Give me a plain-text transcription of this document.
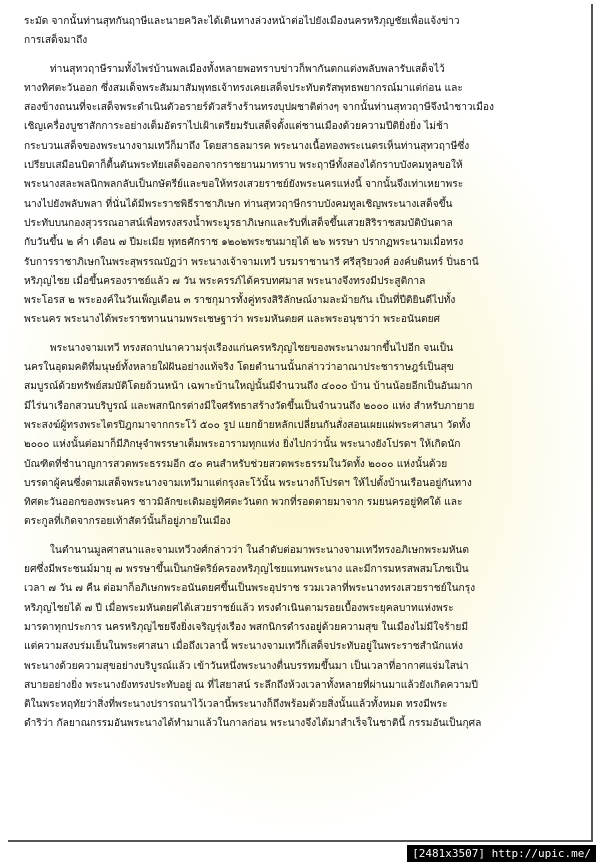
ระมัด จากนั้นท่านสุทกันฤาษีและนายควิละได้เดินทางล่วงหน้าต่อไปยังเมืองนครหริภุญชัยเพื่อแจ้งข่าว

การเสด็จมาถึง

ท่านสุทวฤาษีรามทั้งไพร่บ้านพลเมืองทั้งหลายพอทราบข่าวก็พากันตกแต่งพลับพลารับเสด็จไว้

ทางทิศตะวันออก ซึ่งสมเด็จพระสัมมาสัมพุทธเจ้าทรงเคยเสด็จประทับตรัสพุทธพยากรณ์มาแต่ก่อน และ

สองข้างถนนที่จะเสด็จพระดำเนินตัวอรายร์ตัวสร้างร้านทรงบุปผชาติต่างๆ จากนั้นท่านสุทวฤาษีจึงนำชาวเมือง

เชิญเครื่องบูชาสักการะอย่างเต็มอัตราไปเฝ้าเตรียมรับเสด็จตั้งแต่ชานเมืองด้วยความปีติยิ่งยิ่ง ไม่ช้า

กระบวนเสด็จของพระนางจามเทวีก็มาถึง โดยสาธลมารค พระนางเนื้อทองพระเนตรเห็นท่านสุทวฤาษีซึ่ง

เปรียบเสมือนบิดาก็ตื้นตันพระทัยเสด็จออกจากราชยานมาทราบ พระฤาษีทั้งสองได้กราบบังคมทูลขอให้

พระนางสละพลนิกพลกลับเป็นกษัตรีย์และขอให้ทรงเสวยราชย์ยังพระนครแห่งนี้ จากนั้นจึงเท่าเหยาพระ

นางไปยังพลับพลา ที่นั่นได้มีพระราชพิธีราชาภิเษก ท่านสุทวฤาษีกราบบังคมทูลเชิญพระนางเสด็จขึ้น

ประทับบนกองสุวรรณอาสน์เพื่อทรงสรงน้ำพระมูรธาภิเษกและรับที่เสด็จขึ้นเสวยสิริราชสมบัติบันดาล

กับวันขึ้น ๒ ค่ำ เดือน ๗ ปีมะเมีย พุทธศักราช ๑๒๐๒พระชนมายุได้ ๒๖ พรรษา ปรากฏพระนามเมื่อทรง

รับการราชาภิเษกในพระสุพรรณบัฏว่า พระนางเจ้าจามเทวี บรมราชานารี ศรีสุริยวงศ์ องค์บดินทร์ ปิ่นธานี

หริภุญไชย เมื่อขึ้นครองราชย์แล้ว ๗ วัน พระครรภ์ได้ครบทศมาส พระนางจึงทรงมีประสูติกาล

พระโอรส ๒ พระองค์ในวันเพ็ญเดือน ๓ ราชกุมารทั้งคู่ทรงสิริลักษณ์งามละม้ายกัน เป็นที่ปีติยินดีไปทั้ง

พระนคร พระนางได้พระราชทานนามพระเชษฐาว่า พระมหันตยศ และพระอนุชาว่า พระอนันตยศ

พระนางจามเทวี ทรงสถาปนาความรุ่งเรืองแก่นครหริภุญไชยของพระนางมากขึ้นไปอีก จนเป็น

นครในอุดมคติที่มนุษย์ทั้งหลายใฝ่ฝันอย่างแท้จริง โดยตำนานนั้นกล่าวว่าอาณาประชาราษฎร์เป็นสุข

สมบูรณ์ด้วยทรัพย์สมบัติโดยถ้วนหน้า เฉพาะบ้านใหญ่นั้นมีจำนวนถึง ๔๐๐๐ บ้าน บ้านน้อยอีกเป็นอันมาก

มีไร่นาเรือกสวนบริบูรณ์ และพสกนิกรต่างมีใจศรัทธาสร้างวัดขึ้นเป็นจำนวนถึง ๒๐๐๐ แห่ง สำหรับภายาย

พระสงฆ์ผู้ทรงพระไตรปิฎกมาจากกระโว้ ๕๐๐ รูป แยกย้ายหลักเปลี่ยนกันสั่งสอนเผยแผ่พระศาสนา วัดทั้ง

๒๐๐๐ แห่งนั้นต่อมาก็มีภิกษุจำพรรษาเต็มพระอารามทุกแห่ง ยิ่งไปกว่านั้น พระนางยังโปรดฯ ให้เกิดนัก

บัณฑิตที่ชำนาญการสวดพระธรรมอีก ๕๐ คนสำหรับช่วยสวดพระธรรมในวัดทั้ง ๒๐๐๐ แห่งนั้นด้วย

บรรดาผู้คนซึ่งตามเสด็จพระนางจามเทวีมาแต่กรุงละโว้นั้น พระนางก็โปรดฯ ให้ไปตั้งบ้านเรือนอยู่กันทาง

ทิศตะวันออกของพระนคร ชาวมิลักขะเดิมอยู่ทิศตะวันตก พวกที่รอดตายมาจาก รมยนครอยู่ทิศใต้ และ

ตระกูลที่เกิดจากรอยเท้าสัตว์นั้นก็อยู่ภายในเมือง

ในตำนานมูลศาสนาและจามเทวีวงศ์กล่าวว่า ในลำดับต่อมาพระนางจามเทวีทรงอภิเษกพระมหันต

ยศซึ่งมีพระชนม์มายุ ๗ พรรษาขึ้นเป็นกษัตริย์ครองหริภุญไชยแทนพระนาง และมีการมหรสพสมโภชเป็น

เวลา ๗ วัน ๗ คืน ต่อมาก็อภิเษกพระอนันตยศขึ้นเป็นพระอุปราช รวมเวลาที่พระนางทรงเสวยราชย์ในกรุง

หริภุญไชยได้ ๗ ปี เมื่อพระมหันตยศได้เสวยราชย์แล้ว ทรงดำเนินตามรอยเบื้องพระยุคลบาทแห่งพระ

มารดาทุกประการ นครหริภุญไชยจึงยิ่งเจริญรุ่งเรือง พสกนิกรดำรงอยู่ด้วยความสุข ในเมืองไม่มีใจร้ายมี

แต่ความสงบร่มเย็นในพระศาสนา เมื่อถึงเวลานี้ พระนางจามเทวีก็เสด็จประทับอยู่ในพระราชสำนักแห่ง

พระนางด้วยความสุขอย่างบริบูรณ์แล้ว เข้าวันหนึ่งพระนางตื่นบรรทมขึ้นมา เป็นเวลาที่อากาศแจ่มใสน่า

สบายอย่างยิ่ง พระนางยังทรงประทับอยู่ ณ ที่ไสยาสน์ ระลึกถึงห้วงเวลาทั้งหลายที่ผ่านมาแล้วยังเกิดความปี

ติในพระหฤทัยว่าสิ่งที่พระนางปรารถนาไว้เวลานี้พระนางก็ถึงพร้อมด้วยสิ่งนั้นแล้วทั้งหมด ทรงมีพระ

ดำริว่า กัลยาณกรรมอันพระนางได้ทำมาแล้วในกาลก่อน พระนางจึงได้มาสำเร็จในชาตินี้ กรรมอันเป็นกุศล

[2481x3507] http://upic.me/
